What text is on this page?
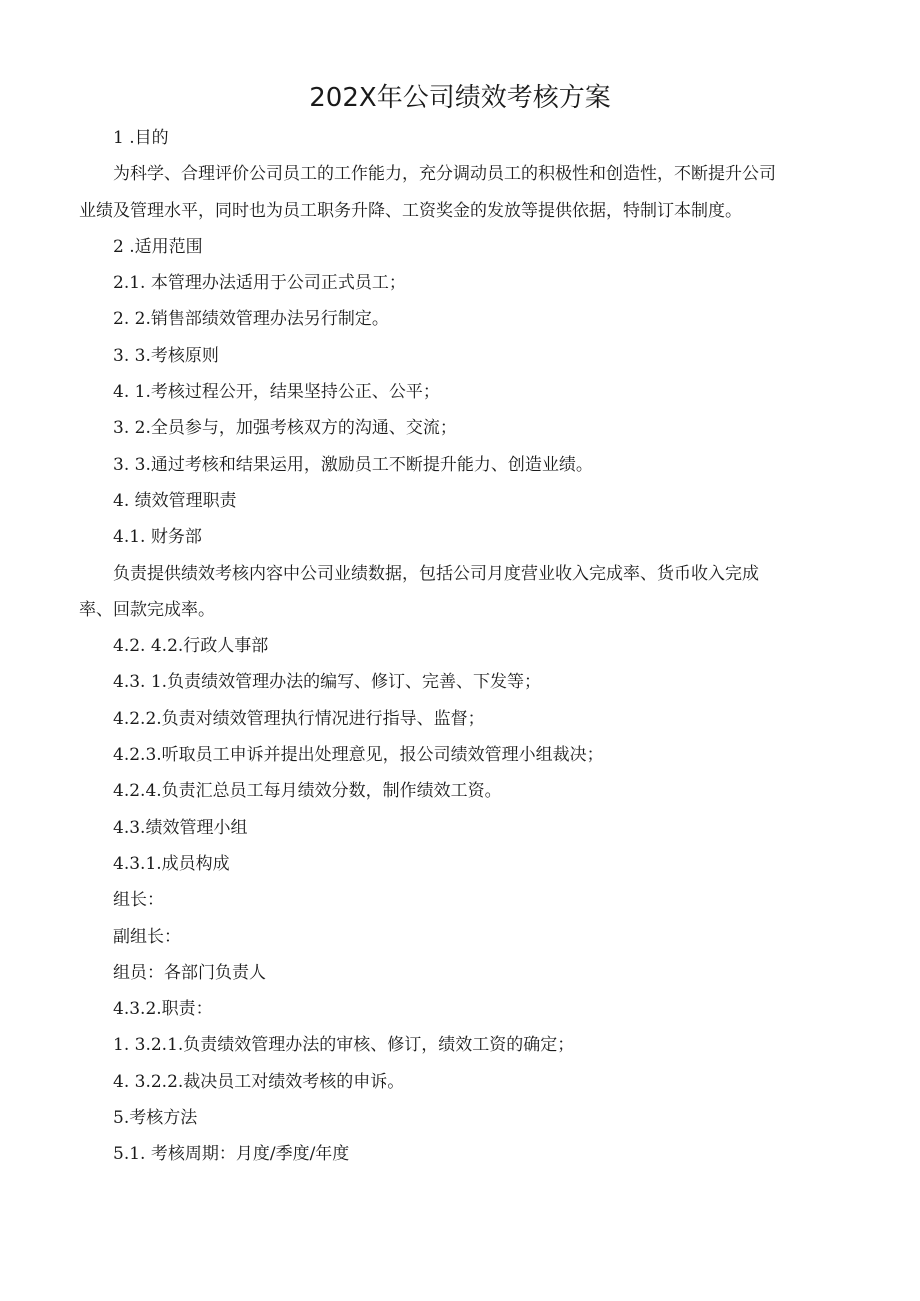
202X年公司绩效考核方案

1 .目的

为科学、合理评价公司员工的工作能力，充分调动员工的积极性和创造性，不断提升公司

业绩及管理水平，同时也为员工职务升降、工资奖金的发放等提供依据，特制订本制度。

2 .适用范围

2.1. 本管理办法适用于公司正式员工；

2. 2.销售部绩效管理办法另行制定。

3. 3.考核原则

4. 1.考核过程公开，结果坚持公正、公平；

3. 2.全员参与，加强考核双方的沟通、交流；

3. 3.通过考核和结果运用，激励员工不断提升能力、创造业绩。

4. 绩效管理职责

4.1. 财务部

负责提供绩效考核内容中公司业绩数据，包括公司月度营业收入完成率、货币收入完成

率、回款完成率。

4.2. 4.2.行政人事部

4.3. 1.负责绩效管理办法的编写、修订、完善、下发等；

4.2.2.负责对绩效管理执行情况进行指导、监督；

4.2.3.听取员工申诉并提出处理意见，报公司绩效管理小组裁决；

4.2.4.负责汇总员工每月绩效分数，制作绩效工资。

4.3.绩效管理小组

4.3.1.成员构成

组长：

副组长：

组员：各部门负责人

4.3.2.职责：

1. 3.2.1.负责绩效管理办法的审核、修订，绩效工资的确定；

4. 3.2.2.裁决员工对绩效考核的申诉。

5.考核方法

5.1. 考核周期：月度/季度/年度
